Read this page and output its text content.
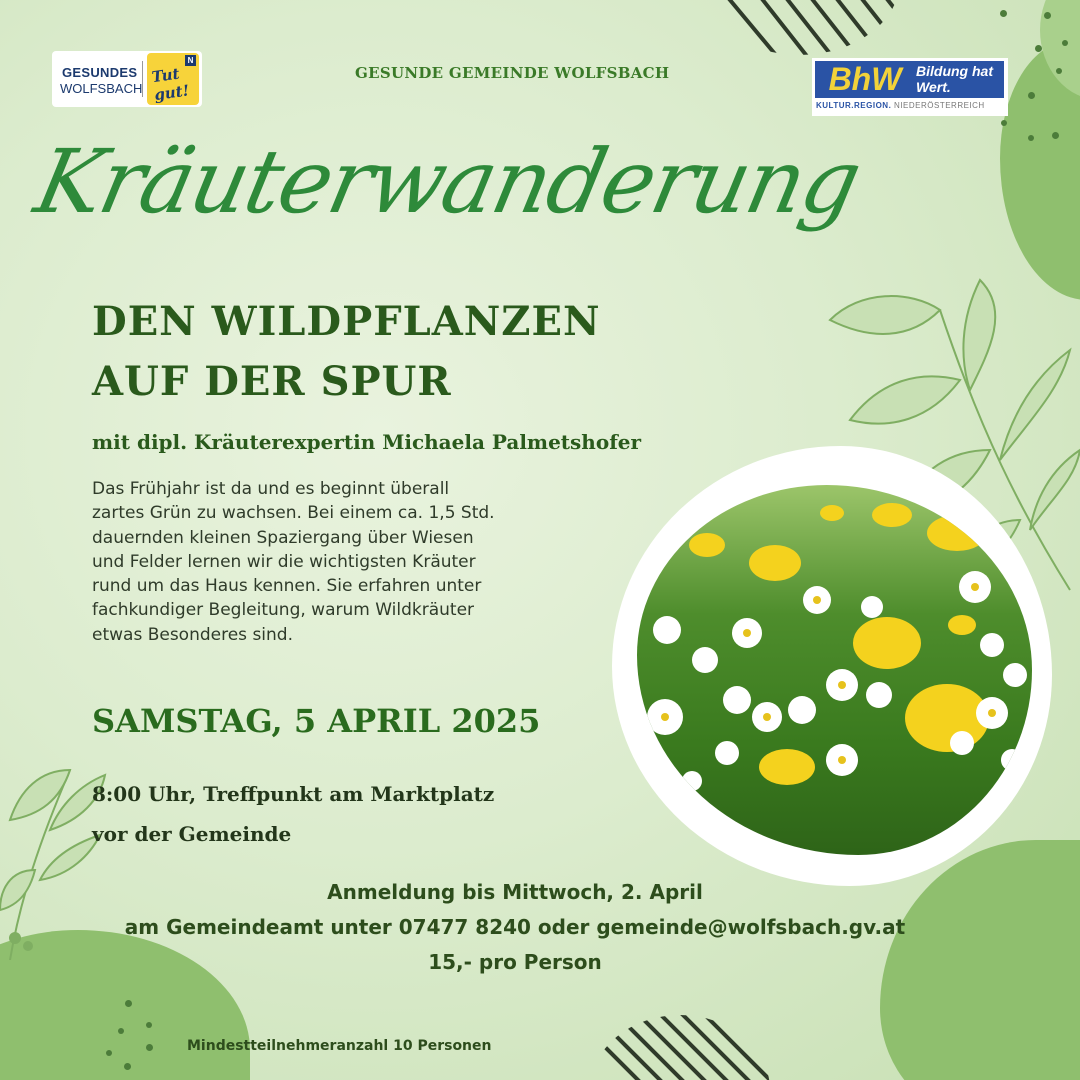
GESUNDES
WOLFSBACH
Tut gut!
N
GESUNDE GEMEINDE WOLFSBACH	BhW	Bildung hat Wert.
KULTUR.REGION. NIEDERÖSTERREICH
Kräuterwanderung
DEN WILDPFLANZEN
AUF DER SPUR
mit dipl. Kräuterexpertin Michaela Palmetshofer
Das Frühjahr ist da und es beginnt überall
zartes Grün zu wachsen. Bei einem ca. 1,5 Std.
dauernden kleinen Spaziergang über Wiesen
und Felder lernen wir die wichtigsten Kräuter
rund um das Haus kennen. Sie erfahren unter
fachkundiger Begleitung, warum Wildkräuter
etwas Besonderes sind.
SAMSTAG, 5 APRIL 2025
8:00 Uhr, Treffpunkt am Marktplatz
vor der Gemeinde
Anmeldung bis Mittwoch, 2. April
am Gemeindeamt unter 07477 8240 oder gemeinde@wolfsbach.gv.at
15,- pro Person
Mindestteilnehmeranzahl 10 Personen
